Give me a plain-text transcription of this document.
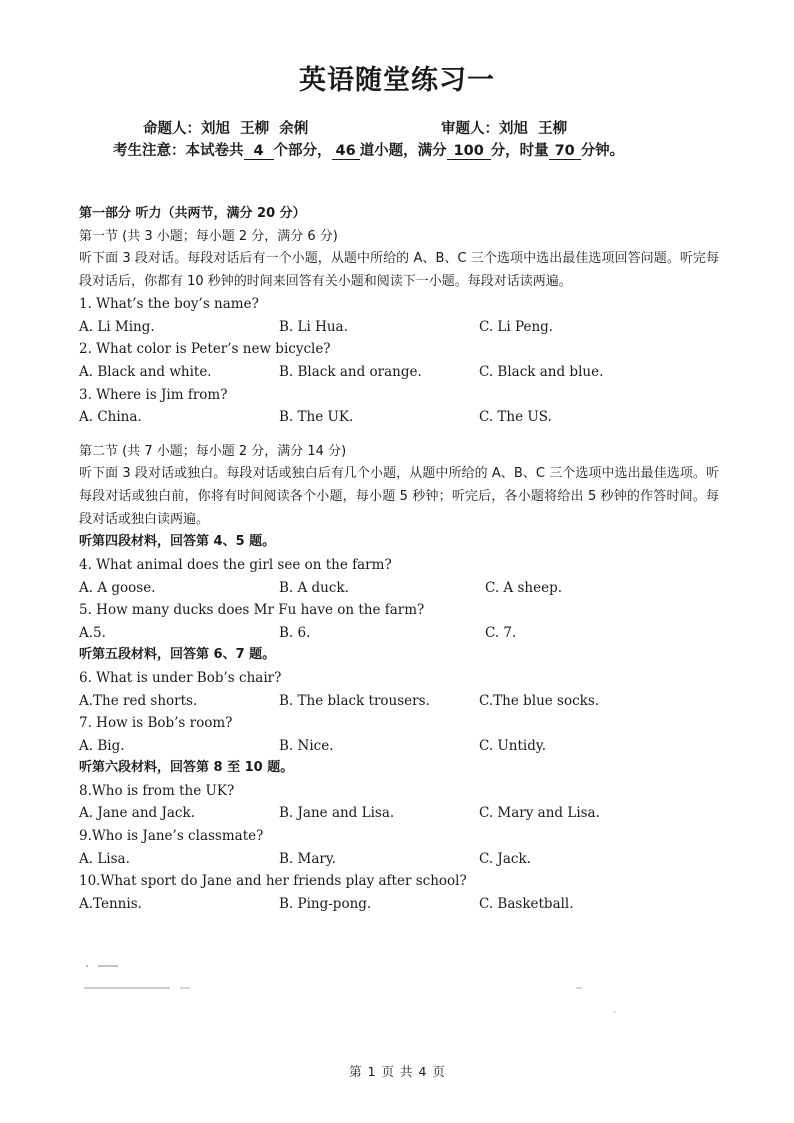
英语随堂练习一
命题人：刘旭  王柳  余俐	审题人：刘旭  王柳
考生注意：本试卷共 4 个部分， 46 道小题，满分 100 分，时量 70 分钟。
第一部分 听力（共两节，满分 20 分）
第一节 (共 3 小题；每小题 2 分，满分 6 分)
听下面 3 段对话。每段对话后有一个小题，从题中所给的 A、B、C 三个选项中选出最佳选项回答问题。听完每段对话后，你都有 10 秒钟的时间来回答有关小题和阅读下一小题。每段对话读两遍。
1. What’s the boy’s name?
A. Li Ming.	B. Li Hua.	C. Li Peng.
2. What color is Peter’s new bicycle?
A. Black and white.	B. Black and orange.	C. Black and blue.
3. Where is Jim from?
A. China.	B. The UK.	C. The US.
第二节 (共 7 小题；每小题 2 分，满分 14 分)
听下面 3 段对话或独白。每段对话或独白后有几个小题，从题中所给的 A、B、C 三个选项中选出最佳选项。听每段对话或独白前，你将有时间阅读各个小题，每小题 5 秒钟；听完后，各小题将给出 5 秒钟的作答时间。每段对话或独白读两遍。
听第四段材料，回答第 4、5 题。
4. What animal does the girl see on the farm?
A. A goose.	B. A duck.	C. A sheep.
5. How many ducks does Mr Fu have on the farm?
A.5.	B. 6.	C. 7.
听第五段材料，回答第 6、7 题。
6. What is under Bob’s chair?
A.The red shorts.	B. The black trousers.	C.The blue socks.
7. How is Bob’s room?
A. Big.	B. Nice.	C. Untidy.
听第六段材料，回答第 8 至 10 题。
8.Who is from the UK?
A. Jane and Jack.	B. Jane and Lisa.	C. Mary and Lisa.
9.Who is Jane’s classmate?
A. Lisa.	B. Mary.	C. Jack.
10.What sport do Jane and her friends play after school?
A.Tennis.	B. Ping-pong.	C. Basketball.
第 1 页 共 4 页
